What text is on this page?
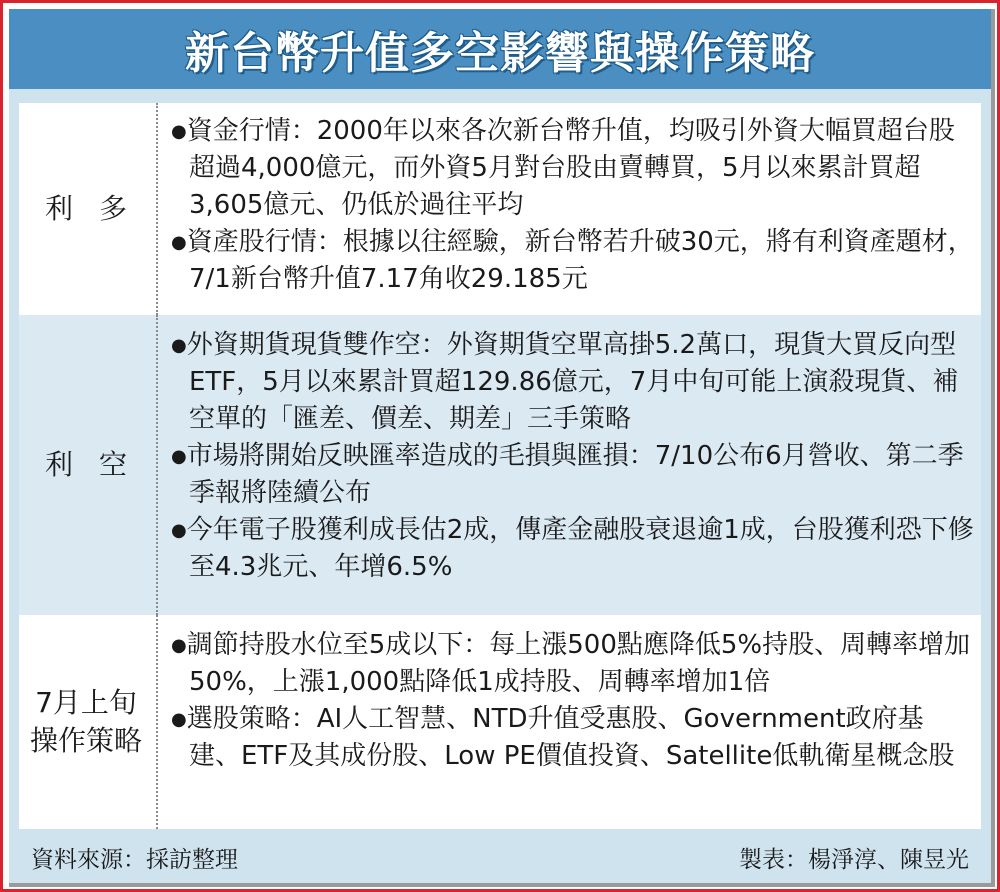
新台幣升值多空影響與操作策略
利多
●資金行情：2000年以來各次新台幣升值，均吸引外資大幅買超台股超過4,000億元，而外資5月對台股由賣轉買，5月以來累計買超3,605億元、仍低於過往平均
●資產股行情：根據以往經驗，新台幣若升破30元，將有利資產題材，7/1新台幣升值7.17角收29.185元
利空
●外資期貨現貨雙作空：外資期貨空單高掛5.2萬口，現貨大買反向型ETF，5月以來累計買超129.86億元，7月中旬可能上演殺現貨、補空單的「匯差、價差、期差」三手策略
●市場將開始反映匯率造成的毛損與匯損：7/10公布6月營收、第二季季報將陸續公布
●今年電子股獲利成長估2成，傳產金融股衰退逾1成，台股獲利恐下修至4.3兆元、年增6.5%
7月上旬
操作策略
●調節持股水位至5成以下：每上漲500點應降低5%持股、周轉率增加50%，上漲1,000點降低1成持股、周轉率增加1倍
●選股策略：AI人工智慧、NTD升值受惠股、Government政府基建、ETF及其成份股、Low PE價值投資、Satellite低軌衛星概念股
資料來源：採訪整理	製表：楊淨淳、陳昱光
